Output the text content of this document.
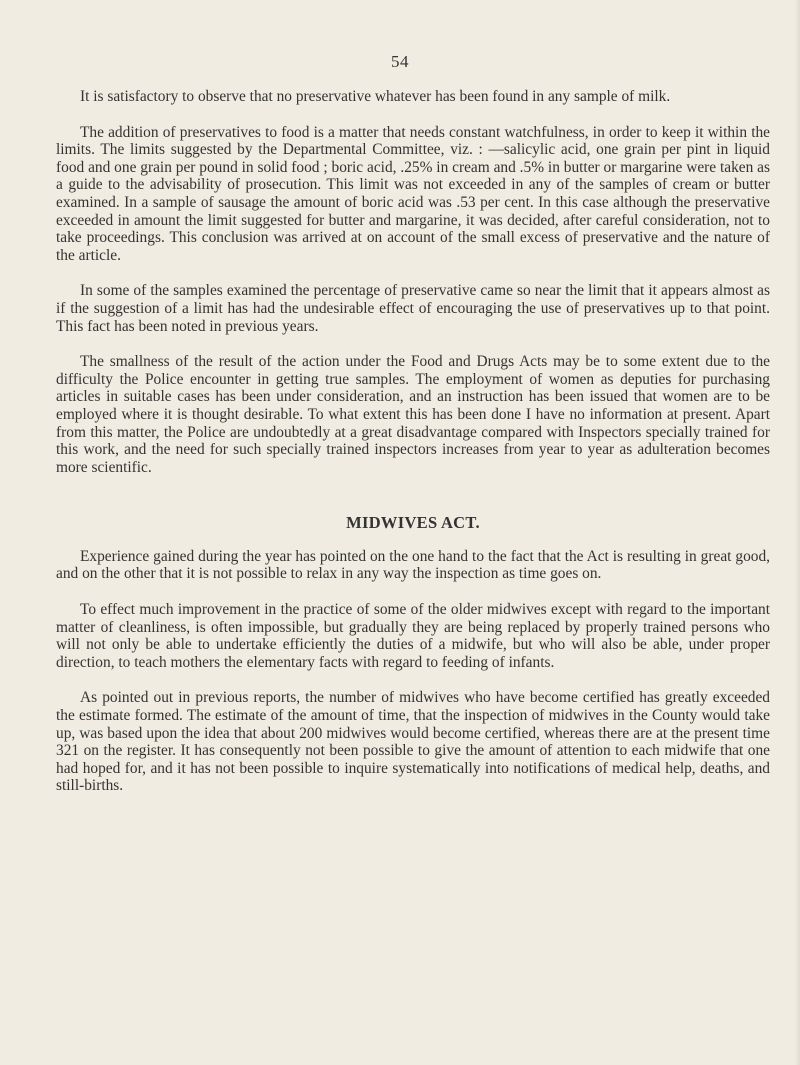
54

It is satisfactory to observe that no preservative whatever has been found in any sample of milk.

The addition of preservatives to food is a matter that needs constant watchfulness, in order to keep it within the limits. The limits suggested by the Departmental Committee, viz. : —salicylic acid, one grain per pint in liquid food and one grain per pound in solid food ; boric acid, .25% in cream and .5% in butter or margarine were taken as a guide to the advisability of prosecution. This limit was not exceeded in any of the samples of cream or butter examined. In a sample of sausage the amount of boric acid was .53 per cent. In this case although the preservative exceeded in amount the limit suggested for butter and margarine, it was decided, after careful consideration, not to take proceedings. This conclusion was arrived at on account of the small excess of preservative and the nature of the article.

In some of the samples examined the percentage of preservative came so near the limit that it appears almost as if the suggestion of a limit has had the undesirable effect of encouraging the use of preservatives up to that point. This fact has been noted in previous years.

The smallness of the result of the action under the Food and Drugs Acts may be to some extent due to the difficulty the Police encounter in getting true samples. The employment of women as deputies for purchasing articles in suitable cases has been under consideration, and an instruction has been issued that women are to be employed where it is thought desirable. To what extent this has been done I have no information at present. Apart from this matter, the Police are undoubtedly at a great disadvantage compared with Inspectors specially trained for this work, and the need for such specially trained inspectors increases from year to year as adulteration becomes more scientific.

MIDWIVES ACT.

Experience gained during the year has pointed on the one hand to the fact that the Act is resulting in great good, and on the other that it is not possible to relax in any way the inspection as time goes on.

To effect much improvement in the practice of some of the older midwives except with regard to the important matter of cleanliness, is often impossible, but gradually they are being replaced by properly trained persons who will not only be able to undertake efficiently the duties of a midwife, but who will also be able, under proper direction, to teach mothers the elementary facts with regard to feeding of infants.

As pointed out in previous reports, the number of midwives who have become certified has greatly exceeded the estimate formed. The estimate of the amount of time, that the inspection of midwives in the County would take up, was based upon the idea that about 200 midwives would become certified, whereas there are at the present time 321 on the register. It has consequently not been possible to give the amount of attention to each midwife that one had hoped for, and it has not been possible to inquire systematically into notifications of medical help, deaths, and still-births.
